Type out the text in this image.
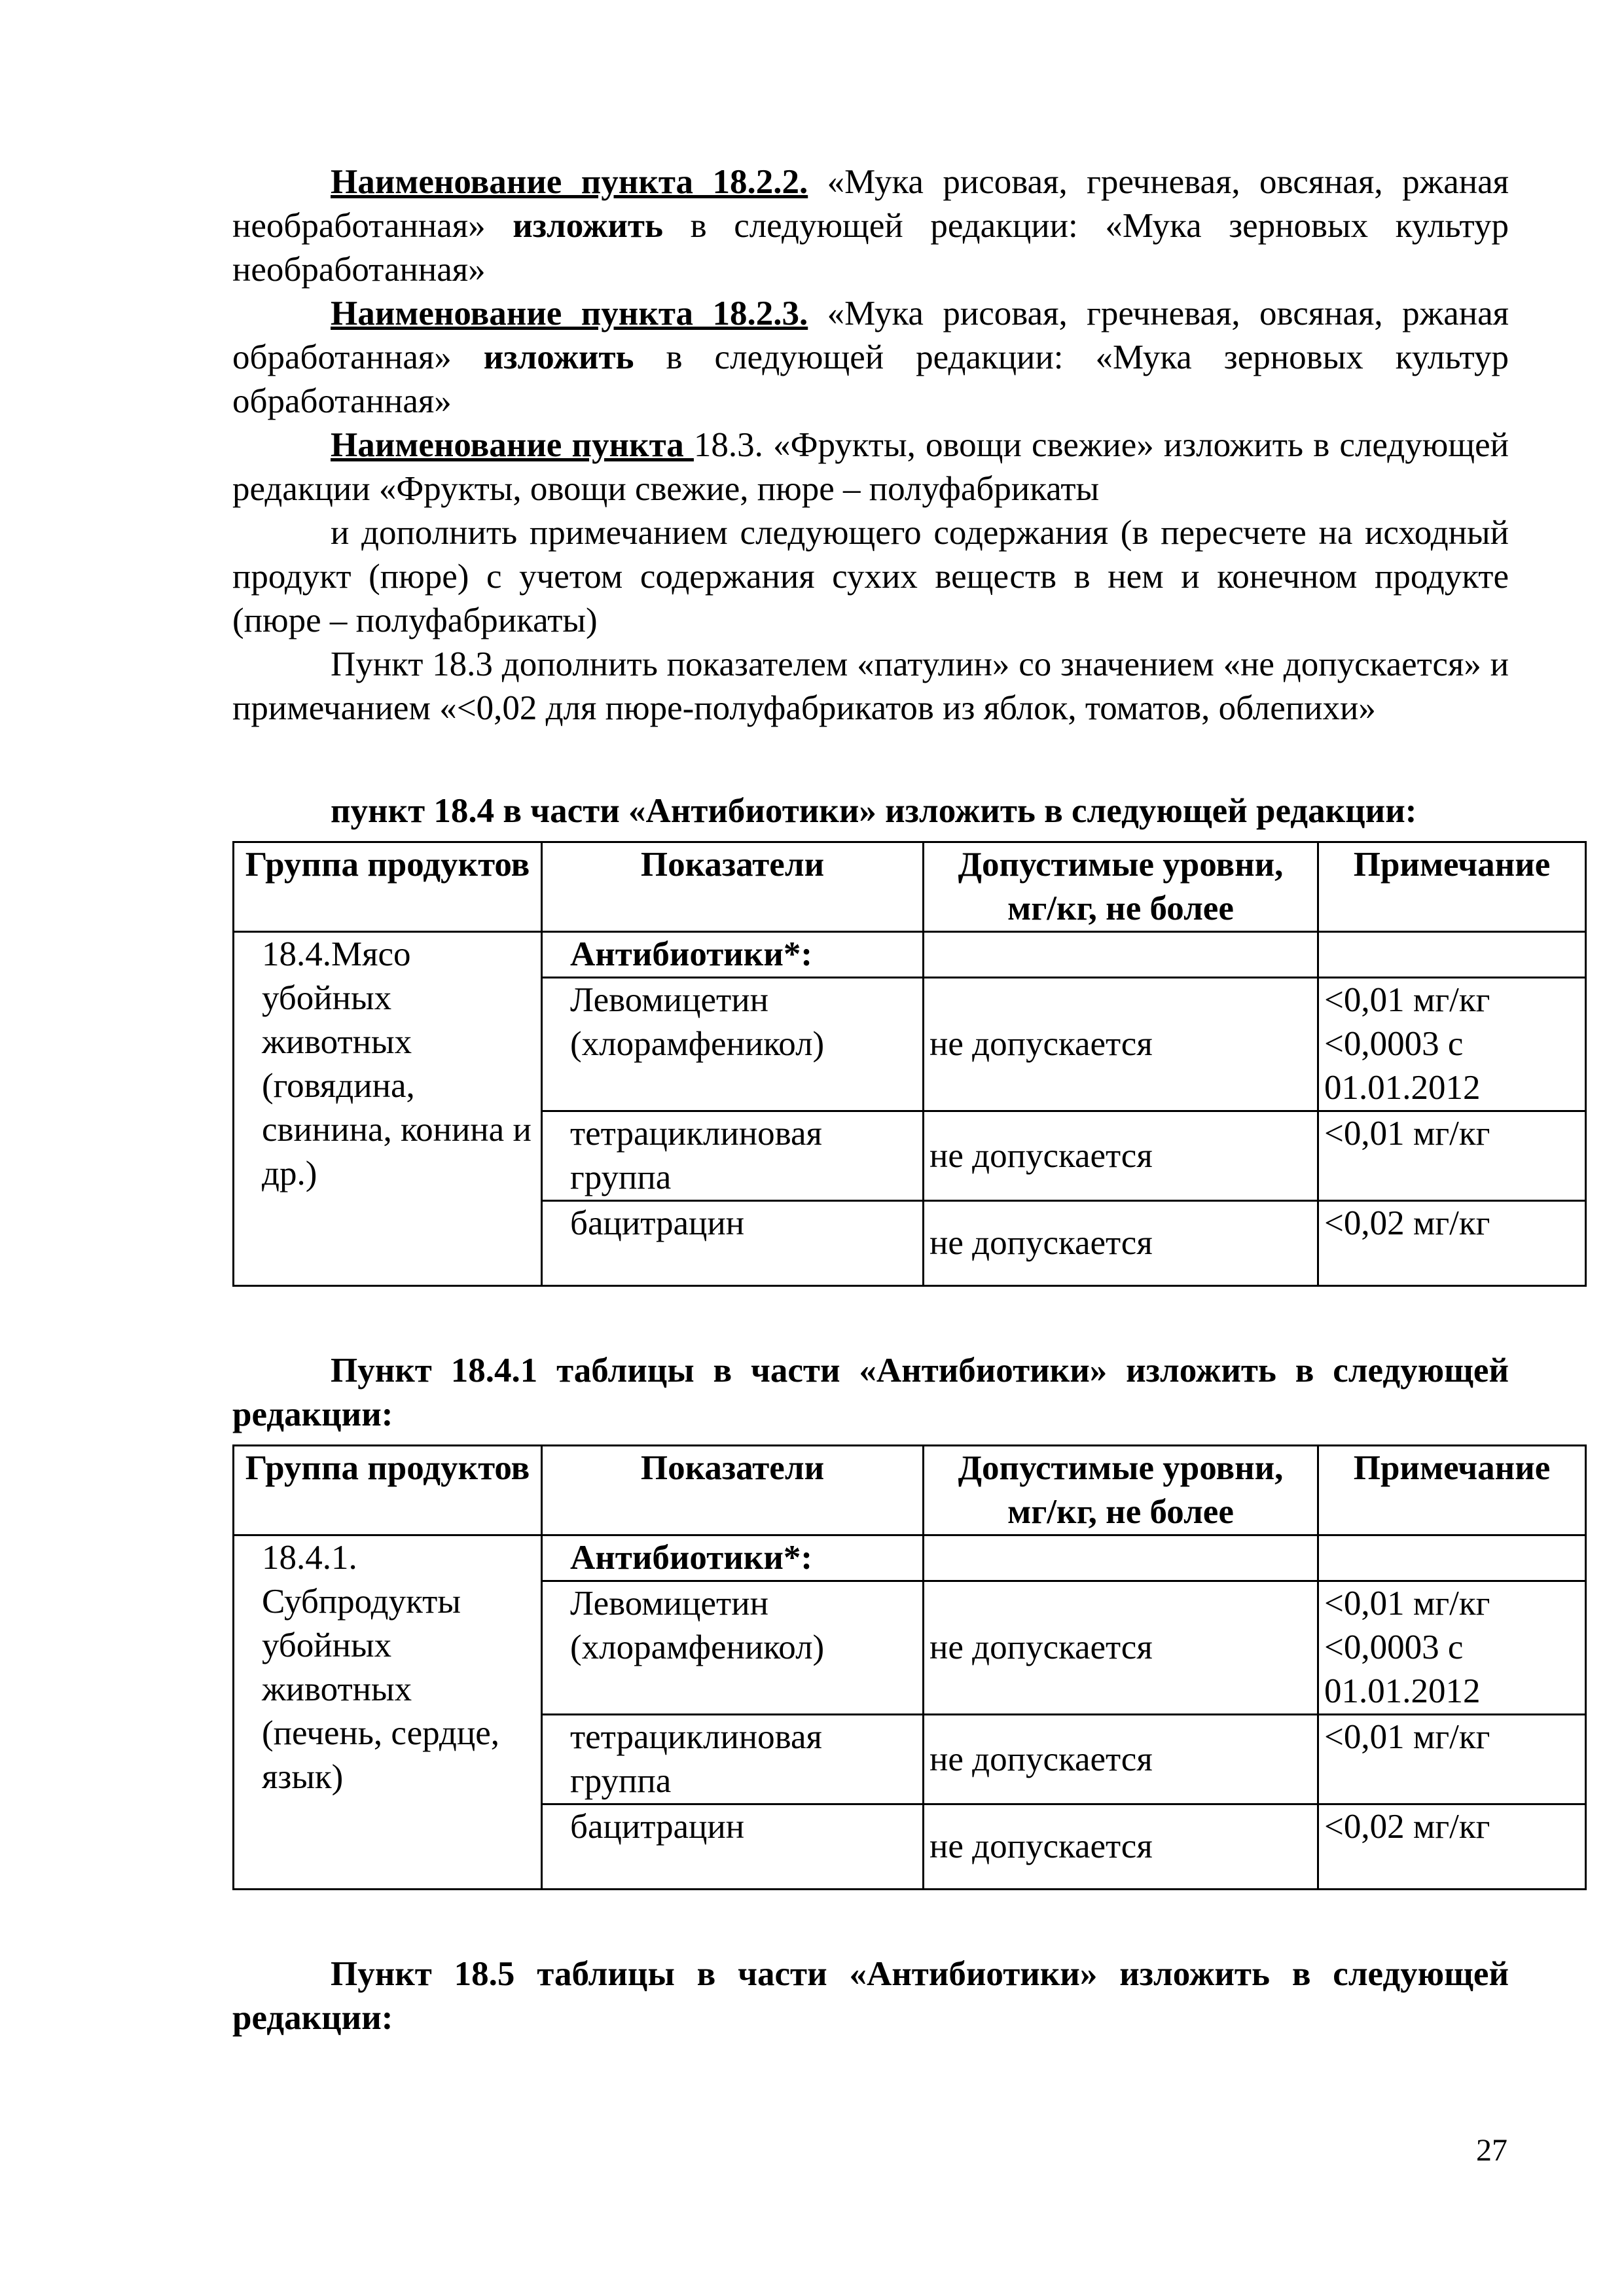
Наименование пункта 18.2.2. «Мука рисовая, гречневая, овсяная, ржаная необработанная» изложить в следующей редакции: «Мука зерновых культур необработанная»

Наименование пункта 18.2.3. «Мука рисовая, гречневая, овсяная, ржаная обработанная» изложить в следующей редакции: «Мука зерновых культур обработанная»

Наименование пункта 18.3. «Фрукты, овощи свежие» изложить в следующей редакции «Фрукты, овощи свежие, пюре – полуфабрикаты

и дополнить примечанием следующего содержания (в пересчете на исходный продукт (пюре) с учетом содержания сухих веществ в нем и конечном продукте (пюре – полуфабрикаты)

Пункт 18.3 дополнить показателем «патулин» со значением «не допускается» и примечанием «<0,02 для пюре-полуфабрикатов из яблок, томатов, облепихи»

пункт 18.4 в части «Антибиотики» изложить в следующей редакции:

Группа продуктов	Показатели	Допустимые уровни, мг/кг, не более	Примечание
18.4.Мясо убойных животных (говядина, свинина, конина и др.)	Антибиотики*:		
	Левомицетин (хлорамфеникол)	не допускается	<0,01 мг/кг
<0,0003 с
01.01.2012

	тетрациклиновая группа	не допускается	<0,01 мг/кг
	бацитрацин	не допускается	<0,02 мг/кг

Пункт 18.4.1 таблицы в части «Антибиотики» изложить в следующей редакции:

Группа продуктов	Показатели	Допустимые уровни, мг/кг, не более	Примечание
18.4.1. Субпродукты убойных животных (печень, сердце, язык)	Антибиотики*:		
	Левомицетин (хлорамфеникол)	не допускается	<0,01 мг/кг
<0,0003 с
01.01.2012

	тетрациклиновая группа	не допускается	<0,01 мг/кг
	бацитрацин	не допускается	<0,02 мг/кг

Пункт 18.5 таблицы в части «Антибиотики» изложить в следующей редакции:

27
